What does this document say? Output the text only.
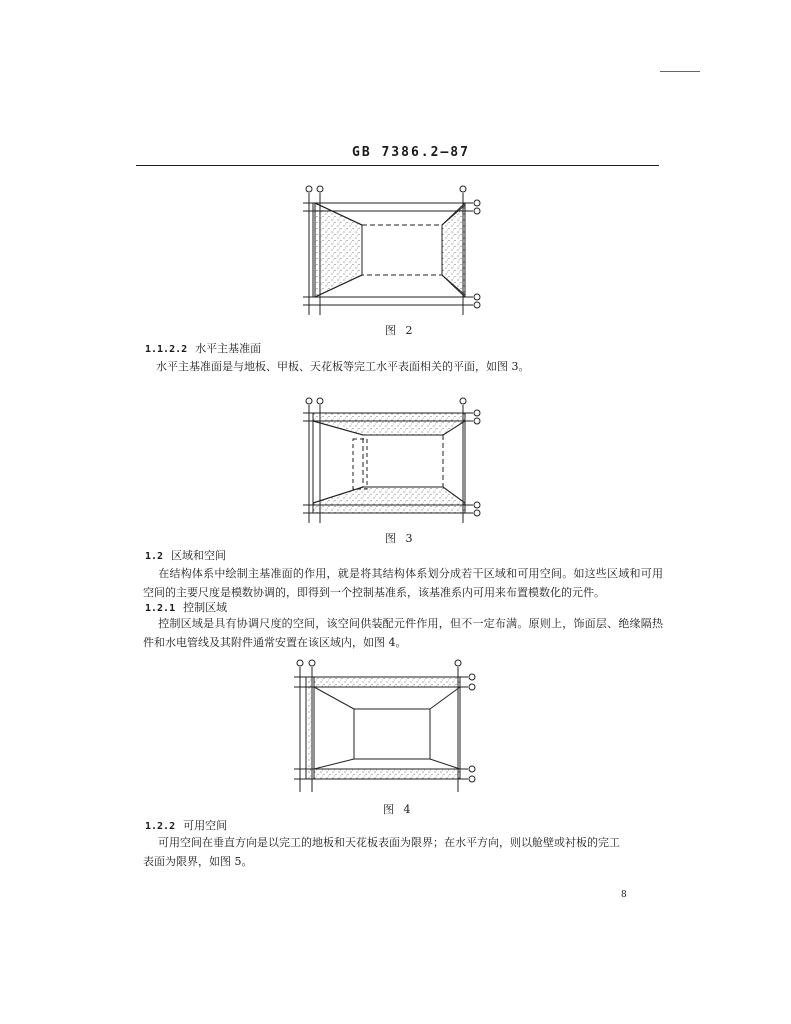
GB 7386.2—87
图 2
1.1.2.2 水平主基准面
水平主基准面是与地板、甲板、天花板等完工水平表面相关的平面，如图 3。
图 3
1.2 区域和空间
在结构体系中绘制主基准面的作用，就是将其结构体系划分成若干区域和可用空间。如这些区域和可用空间的主要尺度是模数协调的，即得到一个控制基准系，该基准系内可用来布置模数化的元件。
1.2.1 控制区域
控制区域是具有协调尺度的空间，该空间供装配元件作用，但不一定布满。原则上，饰面层、绝缘隔热件和水电管线及其附件通常安置在该区域内，如图 4。
图 4
1.2.2 可用空间
可用空间在垂直方向是以完工的地板和天花板表面为限界；在水平方向，则以舱壁或衬板的完工
表面为限界，如图 5。
8
